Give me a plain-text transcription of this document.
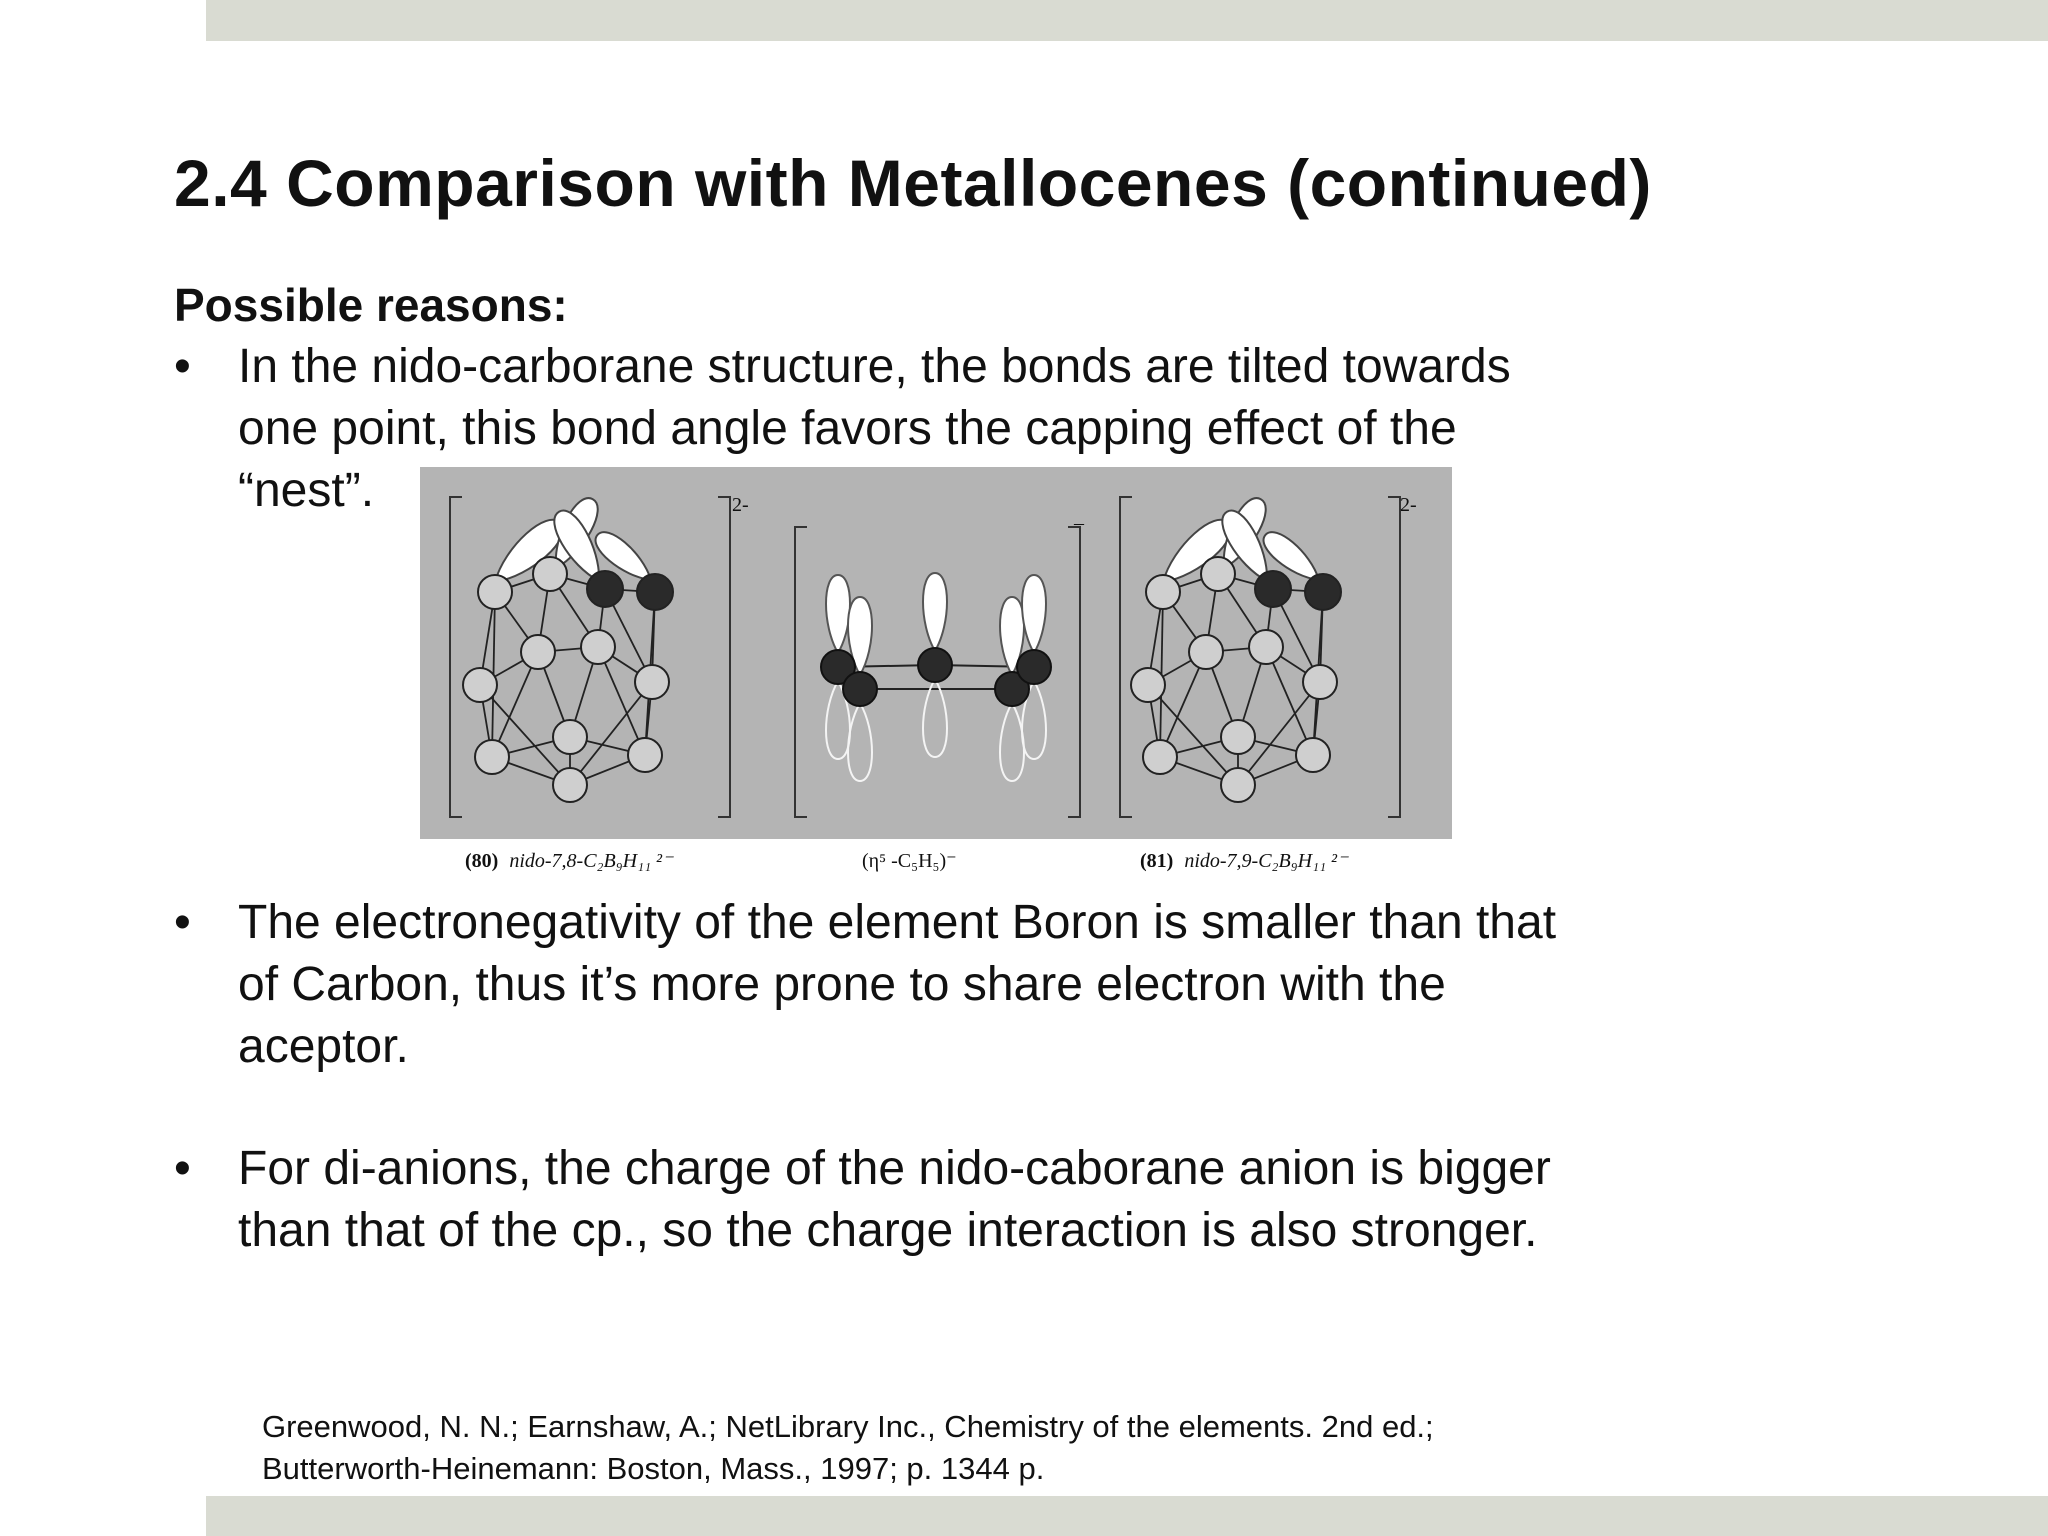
2.4 Comparison with Metallocenes (continued)
Possible reasons:
• In the nido-carborane structure, the bonds are tilted towards
one point, this bond angle favors the capping effect of the
“nest”.
(80) nido-7,8-C₂B₉H₁₁ ²⁻	(η⁵ -C₅H₅)⁻	(81) nido-7,9-C₂B₉H₁₁ ²⁻
2-
–
2-
• The electronegativity of the element Boron is smaller than that
of Carbon, thus it’s more prone to share electron with the
aceptor.
• For di-anions, the charge of the nido-caborane anion is bigger
than that of the cp., so the charge interaction is also stronger.
Greenwood, N. N.; Earnshaw, A.; NetLibrary Inc., Chemistry of the elements. 2nd ed.;
Butterworth-Heinemann: Boston, Mass., 1997; p. 1344 p.
